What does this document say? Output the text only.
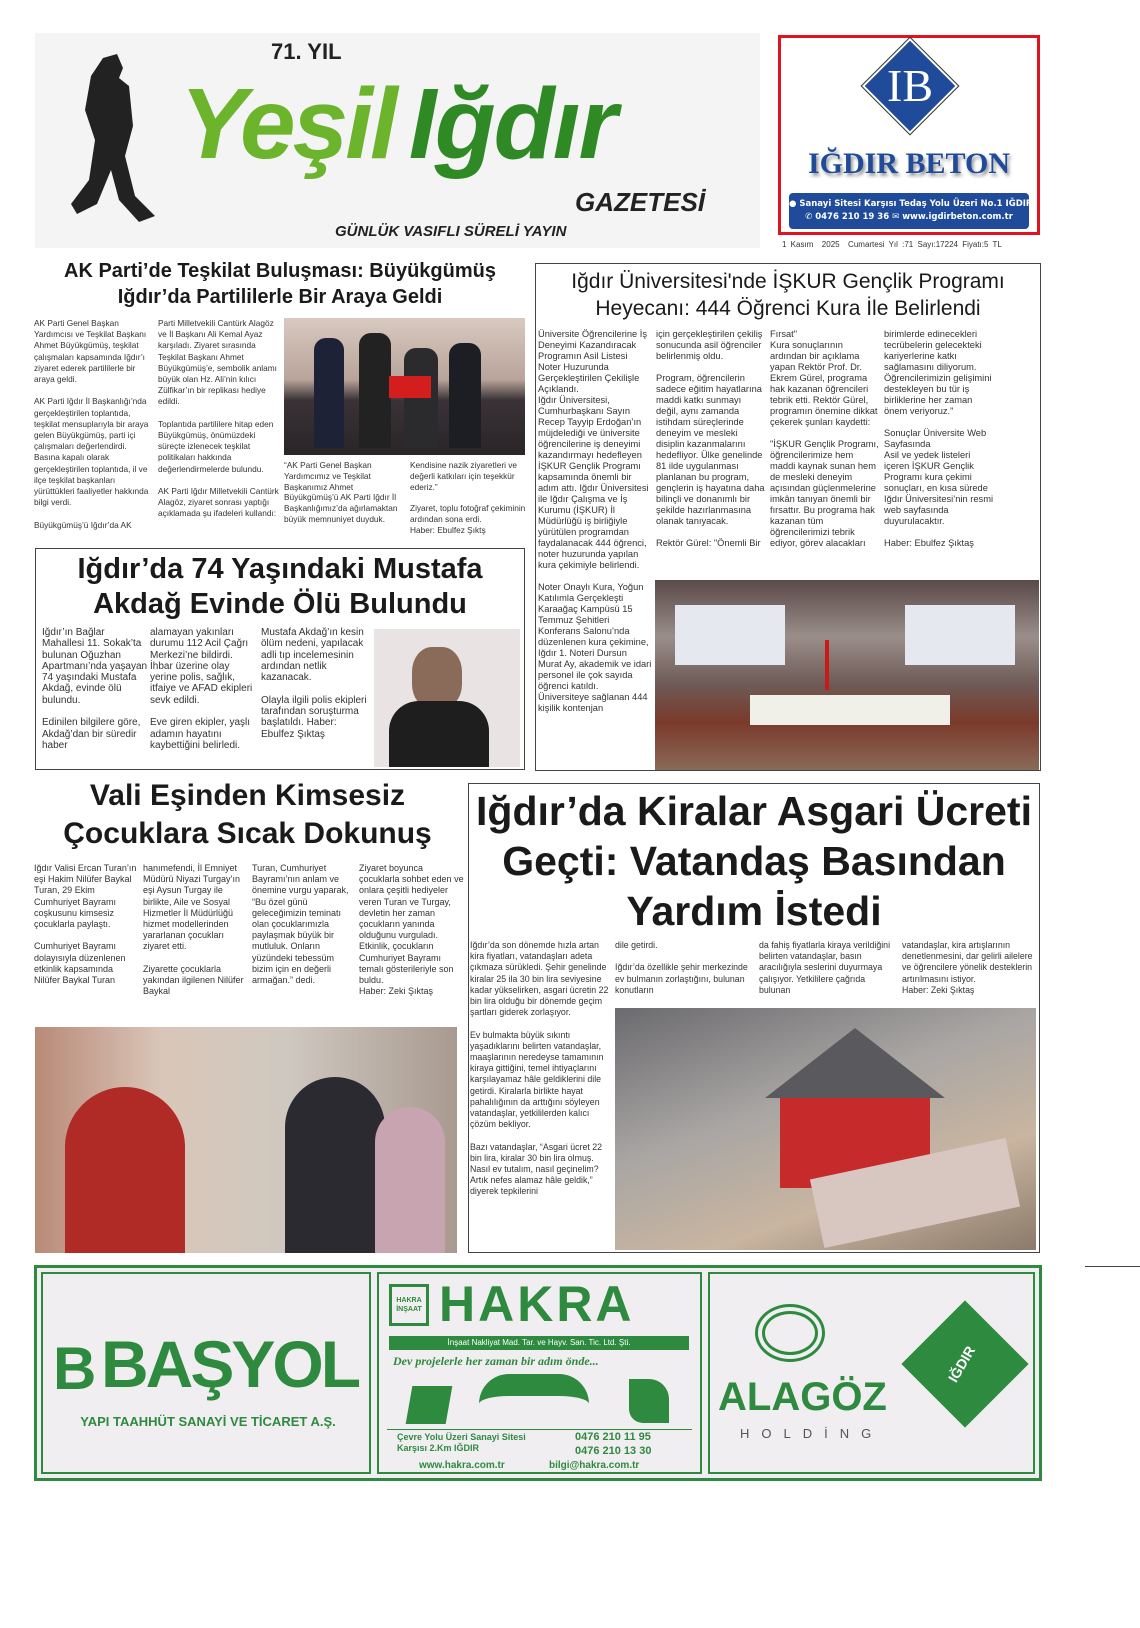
71. YIL
Yeşil Iğdır
GAZETESİ
GÜNLÜK VASIFLI SÜRELİ YAYIN
IB
IĞDIR BETON
● Sanayi Sitesi Karşısı Tedaş Yolu Üzeri No.1 IĞDIR
✆ 0476 210 19 36 ✉ www.igdirbeton.com.tr
1 Kasım 2025 Cumartesi Yıl :71 Sayı:17224 Fiyatı:5 TL
AK Parti’de Teşkilat Buluşması: Büyükgümüş Iğdır’da Partililerle Bir Araya Geldi
AK Parti Genel Başkan Yardımcısı ve Teşkilat Başkanı Ahmet Büyükgümüş, teşkilat çalışmaları kapsamında Iğdır’ı ziyaret ederek partililerle bir araya geldi.

AK Parti Iğdır İl Başkanlığı’nda gerçekleştirilen toplantıda, teşkilat mensuplarıyla bir araya gelen Büyükgümüş, parti içi çalışmaları değerlendirdi. Basına kapalı olarak gerçekleştirilen toplantıda, il ve ilçe teşkilat başkanları yürüttükleri faaliyetler hakkında bilgi verdi.

Büyükgümüş’ü Iğdır’da AK
Parti Milletvekili Cantürk Alagöz ve İl Başkanı Ali Kemal Ayaz karşıladı. Ziyaret sırasında Teşkilat Başkanı Ahmet Büyükgümüş’e, sembolik anlamı büyük olan Hz. Ali’nin kılıcı Zülfikar’ın bir replikası hediye edildi.

Toplantıda partililere hitap eden Büyükgümüş, önümüzdeki süreçte izlenecek teşkilat politikaları hakkında değerlendirmelerde bulundu.

AK Parti Iğdır Milletvekili Cantürk Alagöz, ziyaret sonrası yaptığı açıklamada şu ifadeleri kullandı:
“AK Parti Genel Başkan Yardımcımız ve Teşkilat Başkanımız Ahmet Büyükgümüş’ü AK Parti Iğdır İl Başkanlığımız’da ağırlamaktan büyük memnuniyet duyduk.
Kendisine nazik ziyaretleri ve değerli katkıları için teşekkür ederiz.”

Ziyaret, toplu fotoğraf çekiminin ardından sona erdi.
Haber: Ebulfez Şıktş
Iğdır Üniversitesi'nde İŞKUR Gençlik Programı Heyecanı: 444 Öğrenci Kura İle Belirlendi
Üniversite Öğrencilerine İş Deneyimi Kazandıracak Programın Asil Listesi Noter Huzurunda Gerçekleştirilen Çekilişle Açıklandı.
Iğdır Üniversitesi, Cumhurbaşkanı Sayın Recep Tayyip Erdoğan’ın müjdelediği ve üniversite öğrencilerine iş deneyimi kazandırmayı hedefleyen İŞKUR Gençlik Programı kapsamında önemli bir adım attı. Iğdır Üniversitesi ile Iğdır Çalışma ve İş Kurumu (İŞKUR) İl Müdürlüğü iş birliğiyle yürütülen programdan faydalanacak 444 öğrenci, noter huzurunda yapılan kura çekimiyle belirlendi.

Noter Onaylı Kura, Yoğun Katılımla Gerçekleşti
Karaağaç Kampüsü 15 Temmuz Şehitleri Konferans Salonu’nda düzenlenen kura çekimine, Iğdır 1. Noteri Dursun Murat Ay, akademik ve idari personel ile çok sayıda öğrenci katıldı. Üniversiteye sağlanan 444 kişilik kontenjan
için gerçekleştirilen çekiliş sonucunda asil öğrenciler belirlenmiş oldu.

Program, öğrencilerin sadece eğitim hayatlarına maddi katkı sunmayı değil, aynı zamanda istihdam süreçlerinde deneyim ve mesleki disiplin kazanmalarını hedefliyor. Ülke genelinde 81 ilde uygulanması planlanan bu program, gençlerin iş hayatına daha bilinçli ve donanımlı bir şekilde hazırlanmasına olanak tanıyacak.

Rektör Gürel: "Önemli Bir
Fırsat"
Kura sonuçlarının ardından bir açıklama yapan Rektör Prof. Dr. Ekrem Gürel, programa hak kazanan öğrencileri tebrik etti. Rektör Gürel, programın önemine dikkat çekerek şunları kaydetti:

"İŞKUR Gençlik Programı, öğrencilerimize hem maddi kaynak sunan hem de mesleki deneyim açısından güçlenmelerine imkân tanıyan önemli bir fırsattır. Bu programa hak kazanan tüm öğrencilerimizi tebrik ediyor, görev alacakları
birimlerde edinecekleri tecrübelerin gelecekteki kariyerlerine katkı sağlamasını diliyorum. Öğrencilerimizin gelişimini destekleyen bu tür iş birliklerine her zaman önem veriyoruz."

Sonuçlar Üniversite Web Sayfasında
Asil ve yedek listeleri içeren İŞKUR Gençlik Programı kura çekimi sonuçları, en kısa sürede Iğdır Üniversitesi’nin resmi web sayfasında duyurulacaktır.

Haber: Ebulfez Şıktaş
Iğdır’da 74 Yaşındaki Mustafa Akdağ Evinde Ölü Bulundu
Iğdır’ın Bağlar Mahallesi 11. Sokak’ta bulunan Oğuzhan Apartmanı’nda yaşayan 74 yaşındaki Mustafa Akdağ, evinde ölü bulundu.

Edinilen bilgilere göre, Akdağ’dan bir süredir haber
alamayan yakınları durumu 112 Acil Çağrı Merkezi’ne bildirdi. İhbar üzerine olay yerine polis, sağlık, itfaiye ve AFAD ekipleri sevk edildi.

Eve giren ekipler, yaşlı adamın hayatını kaybettiğini belirledi.
Mustafa Akdağ’ın kesin ölüm nedeni, yapılacak adli tıp incelemesinin ardından netlik kazanacak.

Olayla ilgili polis ekipleri tarafından soruşturma başlatıldı. Haber: Ebulfez Şıktaş
Vali Eşinden Kimsesiz Çocuklara Sıcak Dokunuş
Iğdır Valisi Ercan Turan’ın eşi Hakim Nilüfer Baykal Turan, 29 Ekim Cumhuriyet Bayramı coşkusunu kimsesiz çocuklarla paylaştı.

Cumhuriyet Bayramı dolayısıyla düzenlenen etkinlik kapsamında Nilüfer Baykal Turan
hanımefendi, İl Emniyet Müdürü Niyazi Turgay’ın eşi Aysun Turgay ile birlikte, Aile ve Sosyal Hizmetler İl Müdürlüğü hizmet modellerinden yararlanan çocukları ziyaret etti.

Ziyarette çocuklarla yakından ilgilenen Nilüfer Baykal
Turan, Cumhuriyet Bayramı’nın anlam ve önemine vurgu yaparak, “Bu özel günü geleceğimizin teminatı olan çocuklarımızla paylaşmak büyük bir mutluluk. Onların yüzündeki tebessüm bizim için en değerli armağan.” dedi.
Ziyaret boyunca çocuklarla sohbet eden ve onlara çeşitli hediyeler veren Turan ve Turgay, devletin her zaman çocukların yanında olduğunu vurguladı. Etkinlik, çocukların Cumhuriyet Bayramı temalı gösterileriyle son buldu.
Haber: Zeki Şıktaş
Iğdır’da Kiralar Asgari Ücreti Geçti: Vatandaş Basından Yardım İstedi
Iğdır’da son dönemde hızla artan kira fiyatları, vatandaşları adeta çıkmaza sürükledi. Şehir genelinde kiralar 25 ila 30 bin lira seviyesine kadar yükselirken, asgari ücretin 22 bin lira olduğu bir dönemde geçim şartları giderek zorlaşıyor.

Ev bulmakta büyük sıkıntı yaşadıklarını belirten vatandaşlar, maaşlarının neredeyse tamamının kiraya gittiğini, temel ihtiyaçlarını karşılayamaz hâle geldiklerini dile getirdi. Kiralarla birlikte hayat pahalılığının da arttığını söyleyen vatandaşlar, yetkililerden kalıcı çözüm bekliyor.

Bazı vatandaşlar, “Asgari ücret 22 bin lira, kiralar 30 bin lira olmuş. Nasıl ev tutalım, nasıl geçinelim? Artık nefes alamaz hâle geldik,” diyerek tepkilerini
dile getirdi.

Iğdır’da özellikle şehir merkezinde ev bulmanın zorlaştığını, bulunan konutların
da fahiş fiyatlarla kiraya verildiğini belirten vatandaşlar, basın aracılığıyla seslerini duyurmaya çalışıyor. Yetkililere çağrıda bulunan
vatandaşlar, kira artışlarının denetlenmesini, dar gelirli ailelere ve öğrencilere yönelik desteklerin artırılmasını istiyor.
Haber: Zeki Şıktaş
B BAŞYOL
YAPI TAAHHÜT SANAYİ VE TİCARET A.Ş.
HAKRA İNŞAAT HAKRA
İnşaat Nakliyat Mad. Tar. ve Hayv. San. Tic. Ltd. Şti.
Dev projelerle her zaman bir adım önde...
Çevre Yolu Üzeri Sanayi Sitesi Karşısı 2.Km IĞDIR
0476 210 11 95
0476 210 13 30
www.hakra.com.tr	bilgi@hakra.com.tr
ALAGÖZ
HOLDİNG
IĞDIR
